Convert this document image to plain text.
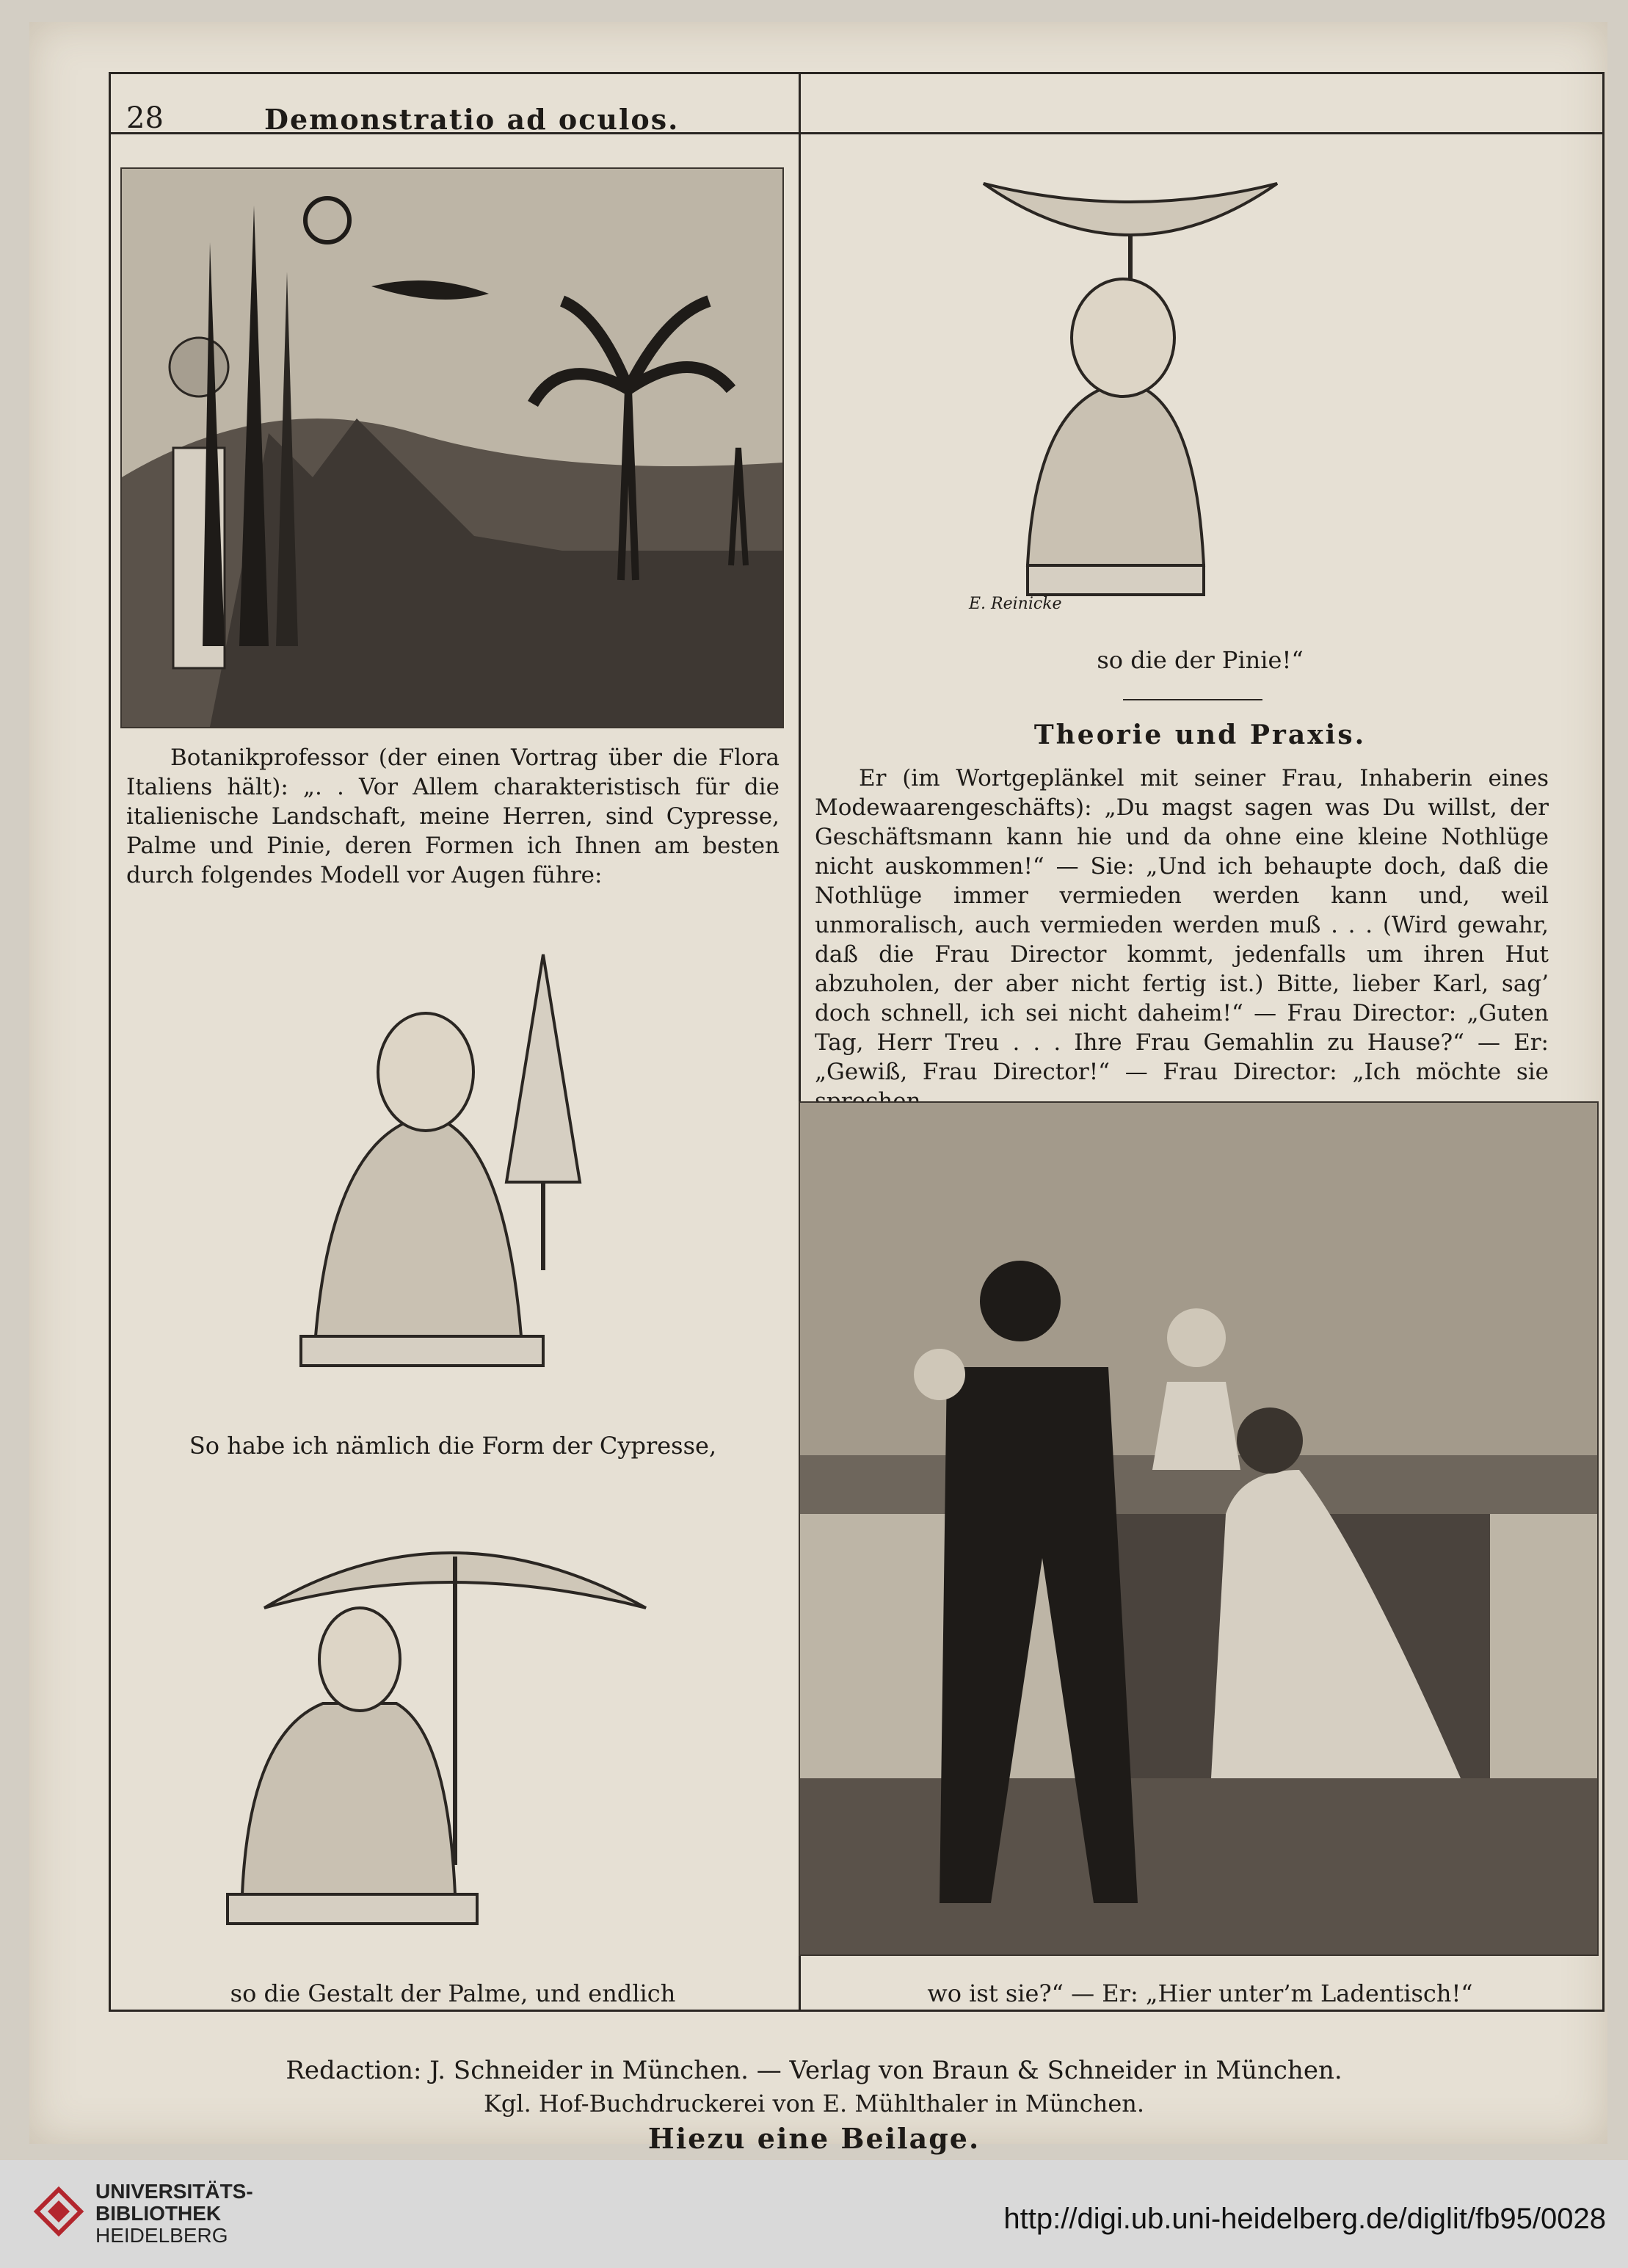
28	Demonstratio ad oculos.
Botanikprofessor (der einen Vortrag über die Flora Italiens hält): „. . Vor Allem charakteristisch für die italienische Landschaft, meine Herren, sind Cypresse, Palme und Pinie, deren Formen ich Ihnen am besten durch folgendes Modell vor Augen führe:
So habe ich nämlich die Form der Cypresse,
so die Gestalt der Palme, und endlich
E. Reinicke
so die der Pinie!“
Theorie und Praxis.
Er (im Wortgeplänkel mit seiner Frau, Inhaberin eines Modewaarengeschäfts): „Du magst sagen was Du willst, der Geschäftsmann kann hie und da ohne eine kleine Nothlüge nicht auskommen!“ — Sie: „Und ich behaupte doch, daß die Nothlüge immer vermieden werden kann und, weil unmoralisch, auch vermieden werden muß . . . (Wird gewahr, daß die Frau Director kommt, jedenfalls um ihren Hut abzuholen, der aber nicht fertig ist.) Bitte, lieber Karl, sag’ doch schnell, ich sei nicht daheim!“ — Frau Director: „Guten Tag, Herr Treu . . . Ihre Frau Gemahlin zu Hause?“ — Er: „Gewiß, Frau Director!“ — Frau Director: „Ich möchte sie
wo ist sie?“ — Er: „Hier unter’m Ladentisch!“
Redaction: J. Schneider in München. — Verlag von Braun & Schneider in München.
Kgl. Hof-Buchdruckerei von E. Mühlthaler in München.
Hiezu eine Beilage.
UNIVERSITÄTS-
BIBLIOTHEK
HEIDELBERG
http://digi.ub.uni-heidelberg.de/diglit/fb95/0028
